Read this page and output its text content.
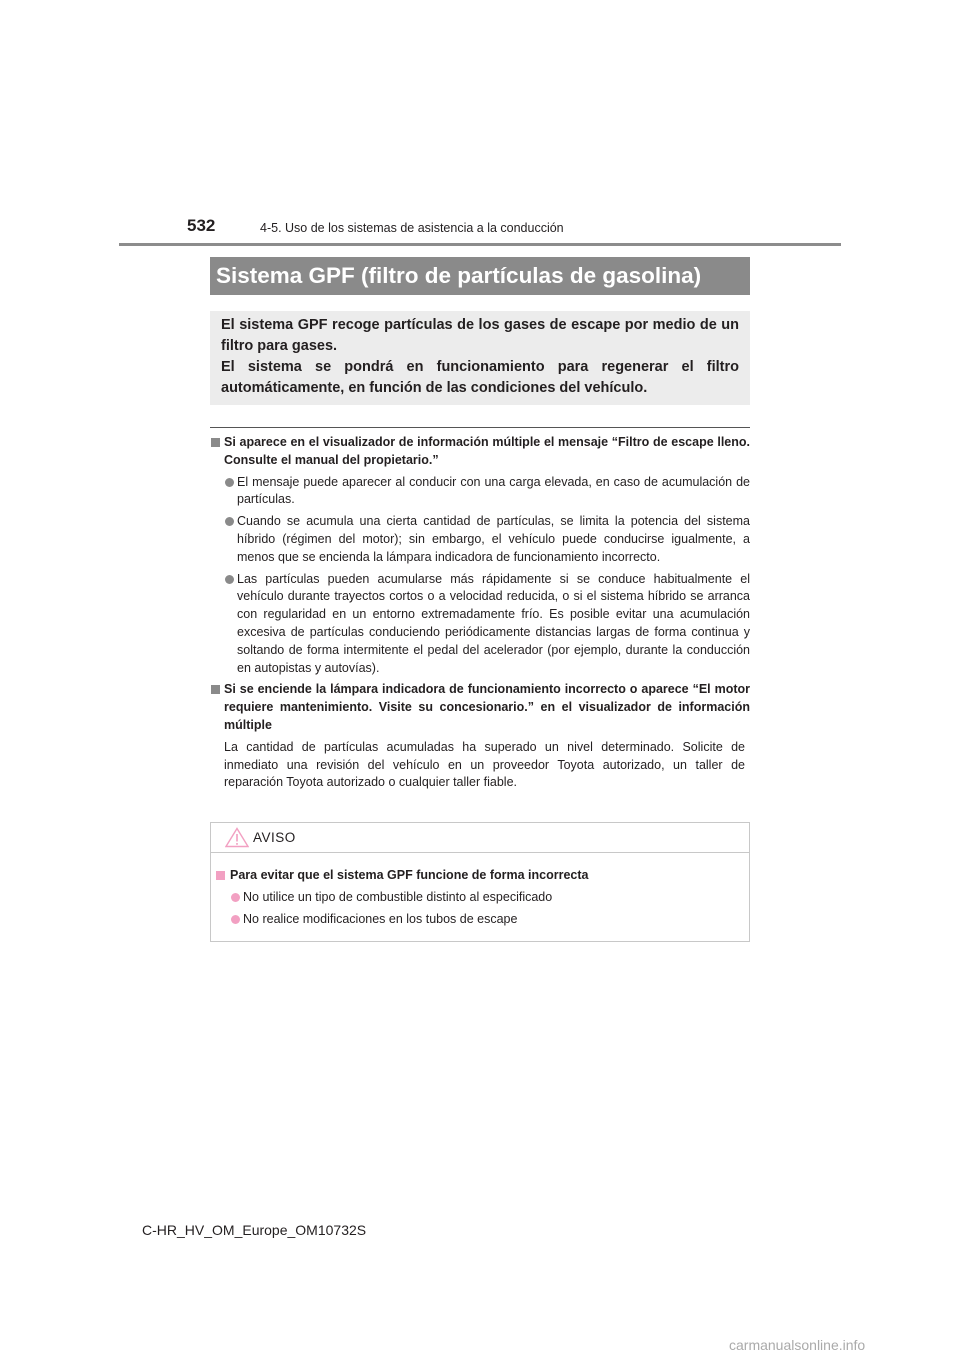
532	4-5. Uso de los sistemas de asistencia a la conducción
Sistema GPF (filtro de partículas de gasolina)

El sistema GPF recoge partículas de los gases de escape por medio de un filtro para gases.

El sistema se pondrá en funcionamiento para regenerar el filtro automáticamente, en función de las condiciones del vehículo.

Si aparece en el visualizador de información múltiple el mensaje “Filtro de escape lleno. Consulte el manual del propietario.”
El mensaje puede aparecer al conducir con una carga elevada, en caso de acumulación de partículas.
Cuando se acumula una cierta cantidad de partículas, se limita la potencia del sistema híbrido (régimen del motor); sin embargo, el vehículo puede conducirse igualmente, a menos que se encienda la lámpara indicadora de funcionamiento incorrecto.
Las partículas pueden acumularse más rápidamente si se conduce habitualmente el vehículo durante trayectos cortos o a velocidad reducida, o si el sistema híbrido se arranca con regularidad en un entorno extremadamente frío. Es posible evitar una acumulación excesiva de partículas conduciendo periódicamente distancias largas de forma continua y soltando de forma intermitente el pedal del acelerador (por ejemplo, durante la conducción en autopistas y autovías).
Si se enciende la lámpara indicadora de funcionamiento incorrecto o aparece “El motor requiere mantenimiento. Visite su concesionario.” en el visualizador de información múltiple
La cantidad de partículas acumuladas ha superado un nivel determinado. Solicite de inmediato una revisión del vehículo en un proveedor Toyota autorizado, un taller de reparación Toyota autorizado o cualquier taller fiable.
AVISO
Para evitar que el sistema GPF funcione de forma incorrecta
No utilice un tipo de combustible distinto al especificado
No realice modificaciones en los tubos de escape
C-HR_HV_OM_Europe_OM10732S
carmanualsonline.info
